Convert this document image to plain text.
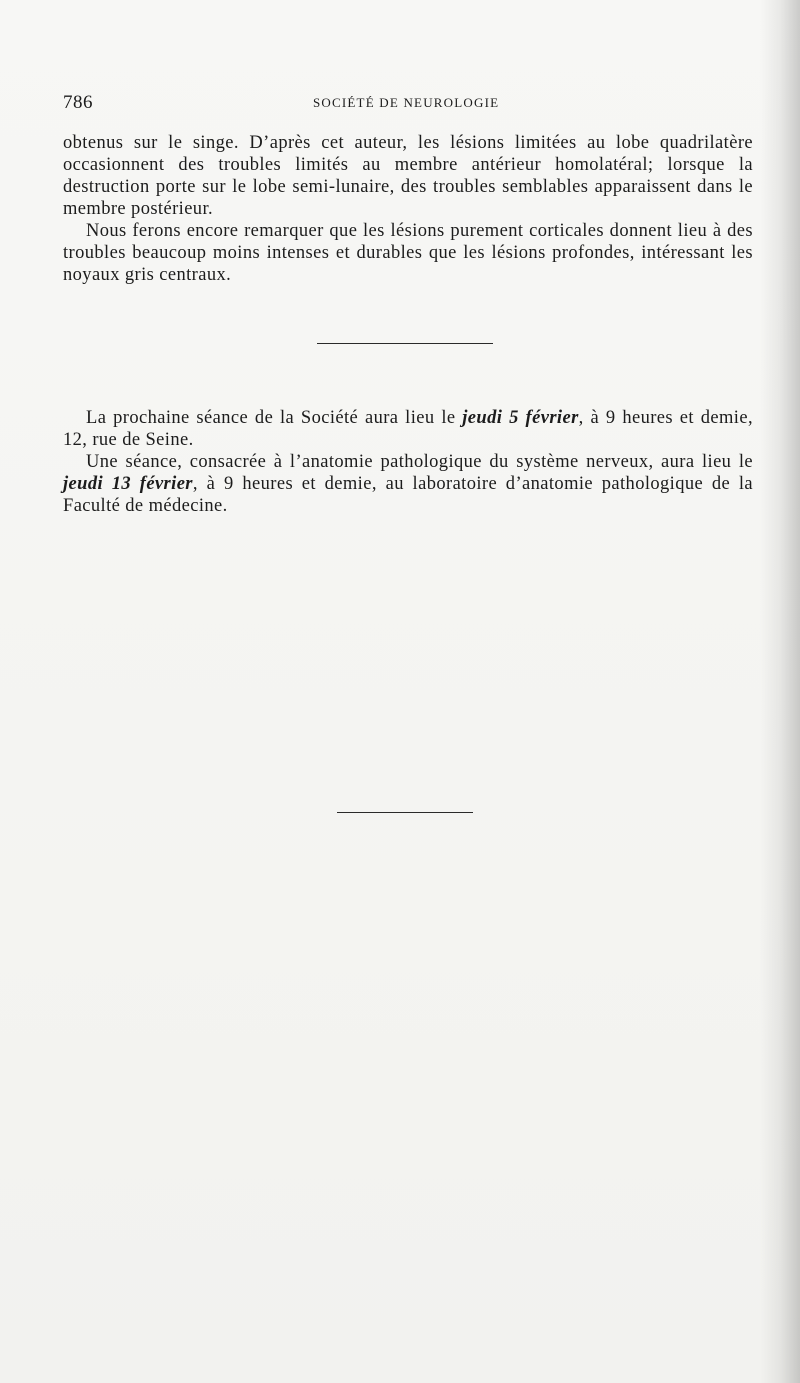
786	SOCIÉTÉ DE NEUROLOGIE

obtenus sur le singe. D’après cet auteur, les lésions limitées au lobe quadrilatère occasionnent des troubles limités au membre antérieur homolatéral; lorsque la destruction porte sur le lobe semi-lunaire, des troubles semblables apparaissent dans le membre postérieur.

Nous ferons encore remarquer que les lésions purement corticales donnent lieu à des troubles beaucoup moins intenses et durables que les lésions profondes, intéressant les noyaux gris centraux.

La prochaine séance de la Société aura lieu le jeudi 5 février, à 9 heures et demie, 12, rue de Seine.

Une séance, consacrée à l’anatomie pathologique du système nerveux, aura lieu le jeudi 13 février, à 9 heures et demie, au laboratoire d’anatomie pathologique de la Faculté de médecine.
